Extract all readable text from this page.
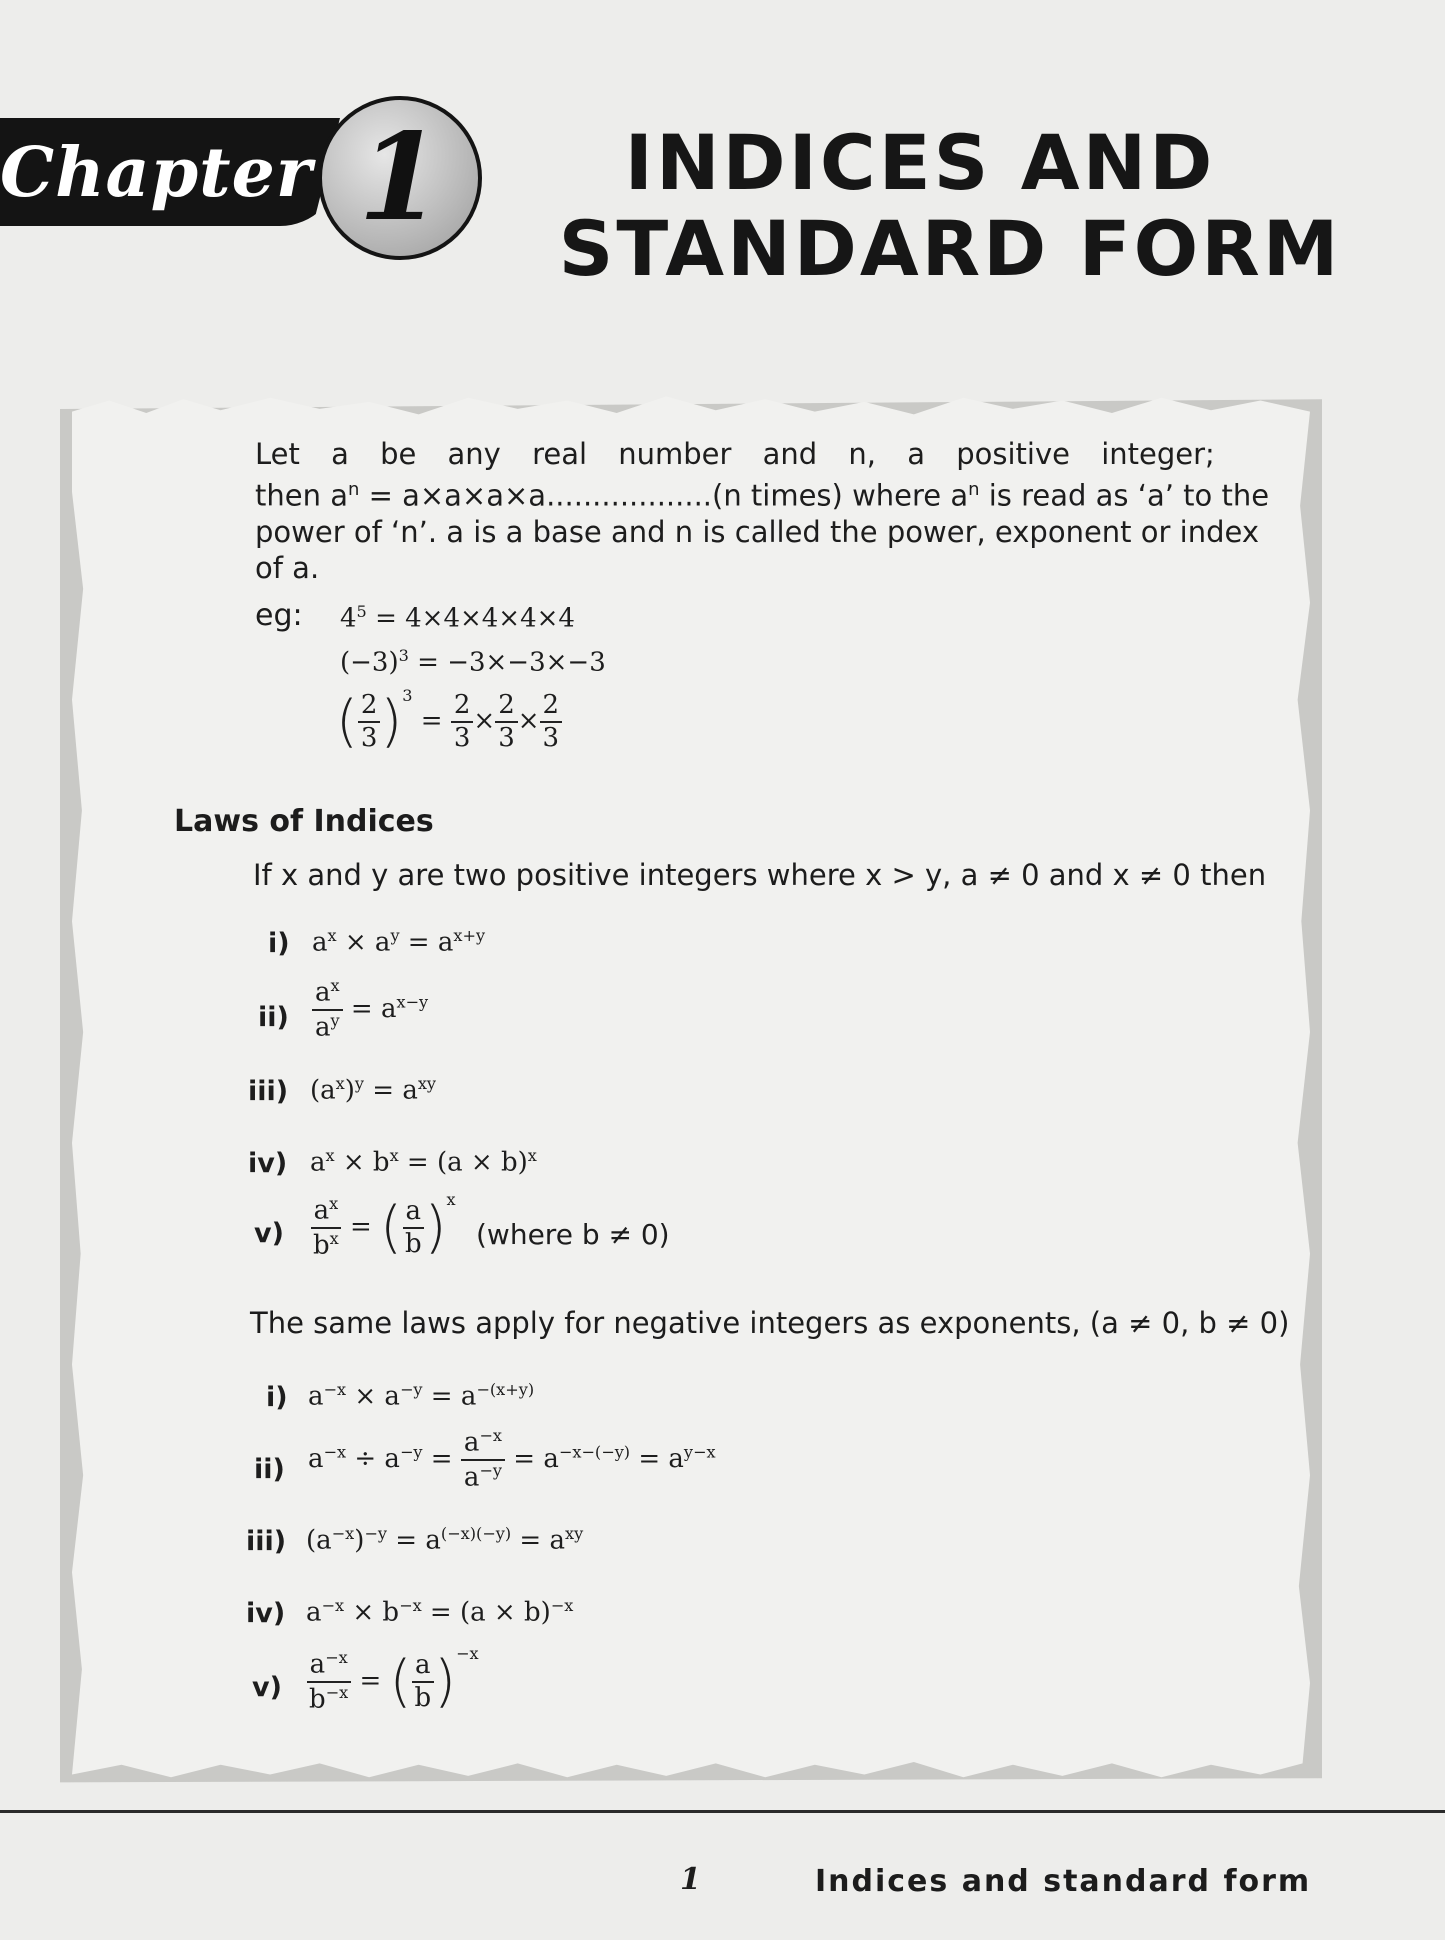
Chapter 1	INDICES AND
STANDARD FORM
Let a be any real number and n, a positive integer;
then $a^n = a\times a\times a\times a..................(n$ times) where $a^n$ is read as ‘a’ to the
power of ‘n’. a is a base and n is called the power, exponent or index
of a.
eg: $4^5 = 4\times 4\times 4\times 4\times 4$
$(-3)^3 = -3\times-3\times-3$
( $\frac{2}{3} )^3 = \frac{2}{3} \times \frac{2}{3} \times \frac{2}{3}$
Laws of Indices
If x and y are two positive integers where x > y, a ≠ 0 and x ≠ 0 then
i) $a^x \times a^y = a^{x+y}$
$ii) \frac{a^x}{a^y} = a^{x-y}$
iii) $(a^x)^y = a^{xy}$
iv) $a^x \times b^x = (a \times b)^x$
$v) \frac{a^x}{b^x}$ = ( $\frac{a}{b} )^x$
(where b ≠ 0)
The same laws apply for negative integers as exponents, (a ≠ 0, b ≠ 0)
i) $a^{-x} \times a^{-y} = a^{-(x+y)}$
ii) $a^{-x} \div a^{-y} = \frac{a^{-x}}{a^{-y}} = a^{-x-(-y)} = a^{y-x}$
iii) $(a^{-x})^{-y} = a^{(-x)(-y)} = a^{xy}$
iv) $a^{-x} \times b^{-x} = (a \times b)^{-x}$
$v) \frac{a^{-x}}{b^{-x}}$ = ( $\frac{a}{b} )^{-x}$
1	Indices and standard form
